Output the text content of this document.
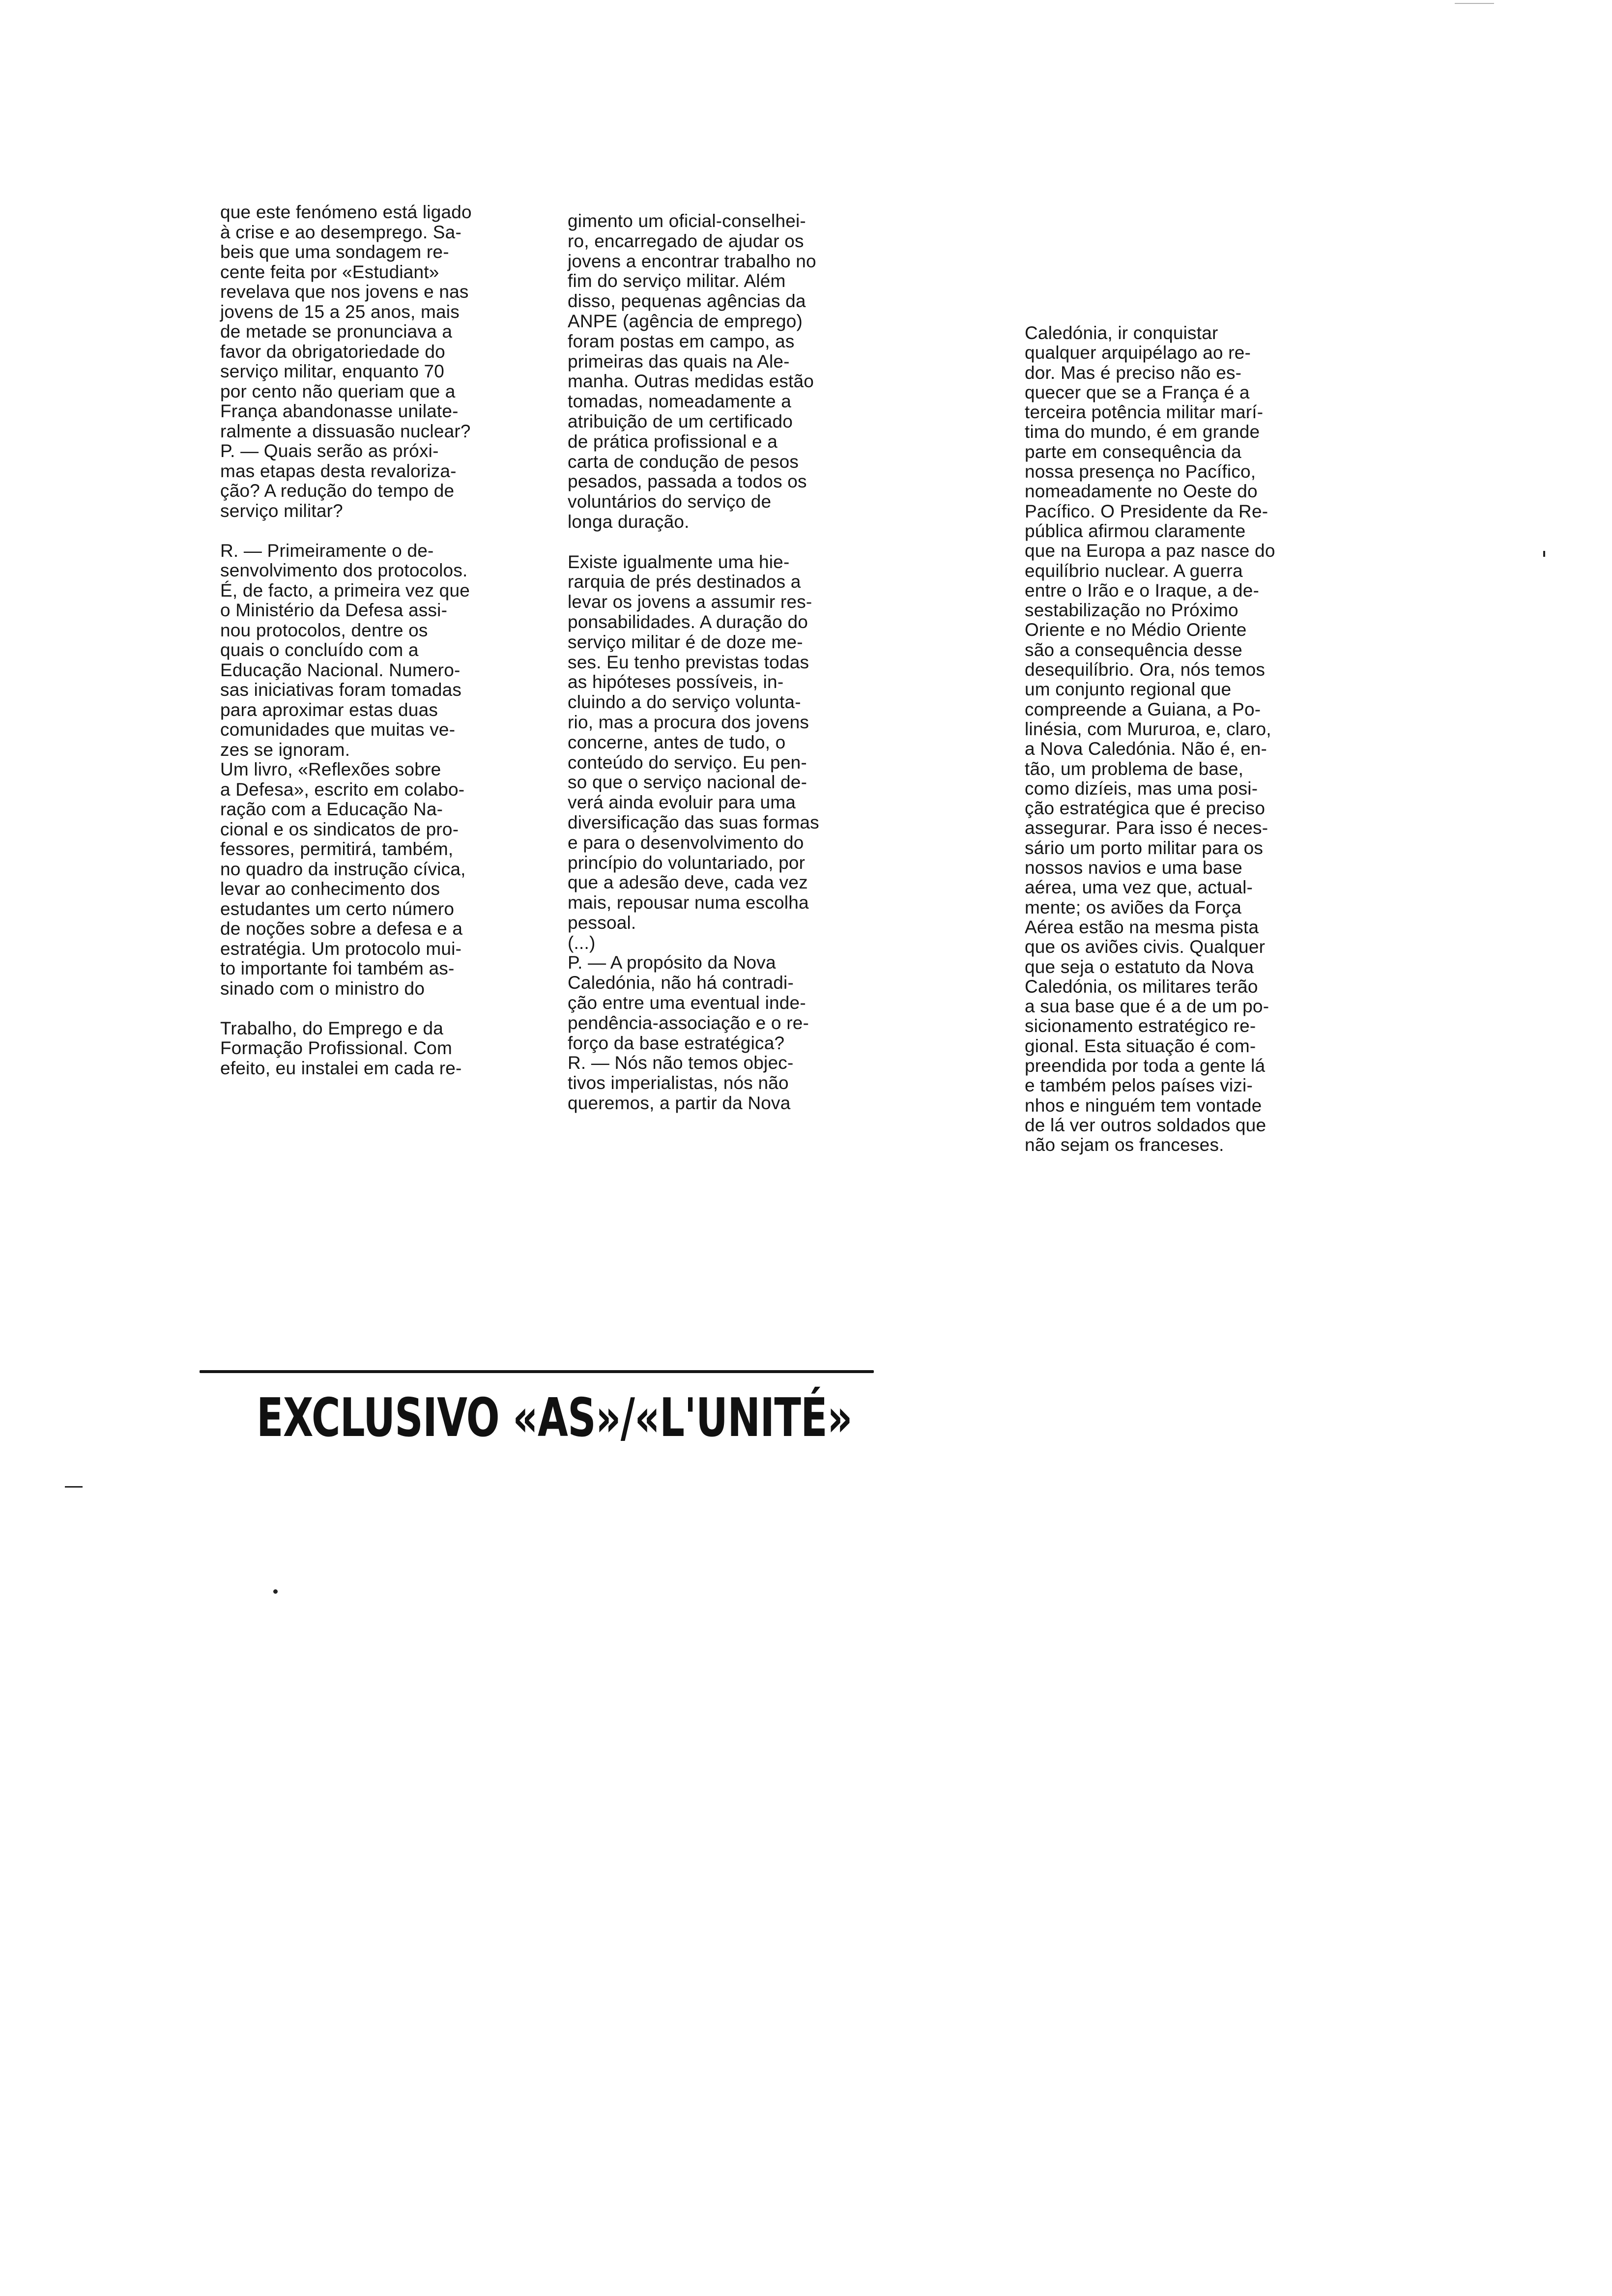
que este fenómeno está ligado
à crise e ao desemprego. Sa-
beis que uma sondagem re-
cente feita por «Estudiant»
revelava que nos jovens e nas
jovens de 15 a 25 anos, mais
de metade se pronunciava a
favor da obrigatoriedade do
serviço militar, enquanto 70
por cento não queriam que a
França abandonasse unilate-
ralmente a dissuasão nuclear?
P. — Quais serão as próxi-
mas etapas desta revaloriza-
ção? A redução do tempo de
serviço militar?
R. — Primeiramente o de-
senvolvimento dos protocolos.
É, de facto, a primeira vez que
o Ministério da Defesa assi-
nou protocolos, dentre os
quais o concluído com a
Educação Nacional. Numero-
sas iniciativas foram tomadas
para aproximar estas duas
comunidades que muitas ve-
zes se ignoram.
Um livro, «Reflexões sobre
a Defesa», escrito em colabo-
ração com a Educação Na-
cional e os sindicatos de pro-
fessores, permitirá, também,
no quadro da instrução cívica,
levar ao conhecimento dos
estudantes um certo número
de noções sobre a defesa e a
estratégia. Um protocolo mui-
to importante foi também as-
sinado com o ministro do
Trabalho, do Emprego e da
Formação Profissional. Com
efeito, eu instalei em cada re-
gimento um oficial-conselhei-
ro, encarregado de ajudar os
jovens a encontrar trabalho no
fim do serviço militar. Além
disso, pequenas agências da
ANPE (agência de emprego)
foram postas em campo, as
primeiras das quais na Ale-
manha. Outras medidas estão
tomadas, nomeadamente a
atribuição de um certificado
de prática profissional e a
carta de condução de pesos
pesados, passada a todos os
voluntários do serviço de
longa duração.
Existe igualmente uma hie-
rarquia de prés destinados a
levar os jovens a assumir res-
ponsabilidades. A duração do
serviço militar é de doze me-
ses. Eu tenho previstas todas
as hipóteses possíveis, in-
cluindo a do serviço volunta-
rio, mas a procura dos jovens
concerne, antes de tudo, o
conteúdo do serviço. Eu pen-
so que o serviço nacional de-
verá ainda evoluir para uma
diversificação das suas formas
e para o desenvolvimento do
princípio do voluntariado, por
que a adesão deve, cada vez
mais, repousar numa escolha
pessoal.
(...)
P. — A propósito da Nova
Caledónia, não há contradi-
ção entre uma eventual inde-
pendência-associação e o re-
forço da base estratégica?
R. — Nós não temos objec-
tivos imperialistas, nós não
queremos, a partir da Nova
Caledónia, ir conquistar
qualquer arquipélago ao re-
dor. Mas é preciso não es-
quecer que se a França é a
terceira potência militar marí-
tima do mundo, é em grande
parte em consequência da
nossa presença no Pacífico,
nomeadamente no Oeste do
Pacífico. O Presidente da Re-
pública afirmou claramente
que na Europa a paz nasce do
equilíbrio nuclear. A guerra
entre o Irão e o Iraque, a de-
sestabilização no Próximo
Oriente e no Médio Oriente
são a consequência desse
desequilíbrio. Ora, nós temos
um conjunto regional que
compreende a Guiana, a Po-
linésia, com Mururoa, e, claro,
a Nova Caledónia. Não é, en-
tão, um problema de base,
como dizíeis, mas uma posi-
ção estratégica que é preciso
assegurar. Para isso é neces-
sário um porto militar para os
nossos navios e uma base
aérea, uma vez que, actual-
mente; os aviões da Força
Aérea estão na mesma pista
que os aviões civis. Qualquer
que seja o estatuto da Nova
Caledónia, os militares terão
a sua base que é a de um po-
sicionamento estratégico re-
gional. Esta situação é com-
preendida por toda a gente lá
e também pelos países vizi-
nhos e ninguém tem vontade
de lá ver outros soldados que
não sejam os franceses.
EXCLUSIVO «AS»/«L'UNITÉ»
